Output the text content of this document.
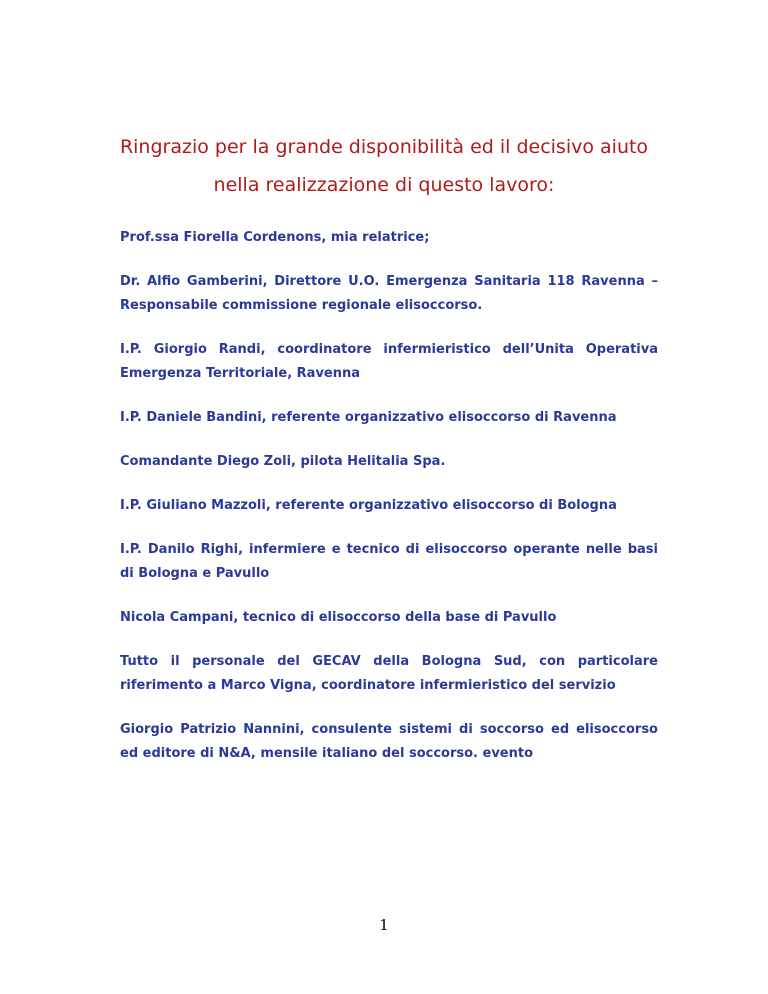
Ringrazio per la grande disponibilità ed il decisivo aiuto
nella realizzazione di questo lavoro:

Prof.ssa Fiorella Cordenons, mia relatrice;

Dr. Alfio Gamberini, Direttore U.O. Emergenza Sanitaria 118 Ravenna – Responsabile commissione regionale elisoccorso.

I.P. Giorgio Randi, coordinatore infermieristico dell’Unita Operativa Emergenza Territoriale, Ravenna

I.P. Daniele Bandini, referente organizzativo elisoccorso di Ravenna

Comandante Diego Zoli, pilota Helitalia Spa.

I.P. Giuliano Mazzoli, referente organizzativo elisoccorso di Bologna

I.P. Danilo Righi, infermiere e tecnico di elisoccorso operante nelle basi di Bologna e Pavullo

Nicola Campani, tecnico di elisoccorso della base di Pavullo

Tutto il personale del GECAV della Bologna Sud, con particolare riferimento a Marco Vigna, coordinatore infermieristico del servizio

Giorgio Patrizio Nannini, consulente sistemi di soccorso ed elisoccorso ed editore di N&A, mensile italiano del soccorso. evento

1
